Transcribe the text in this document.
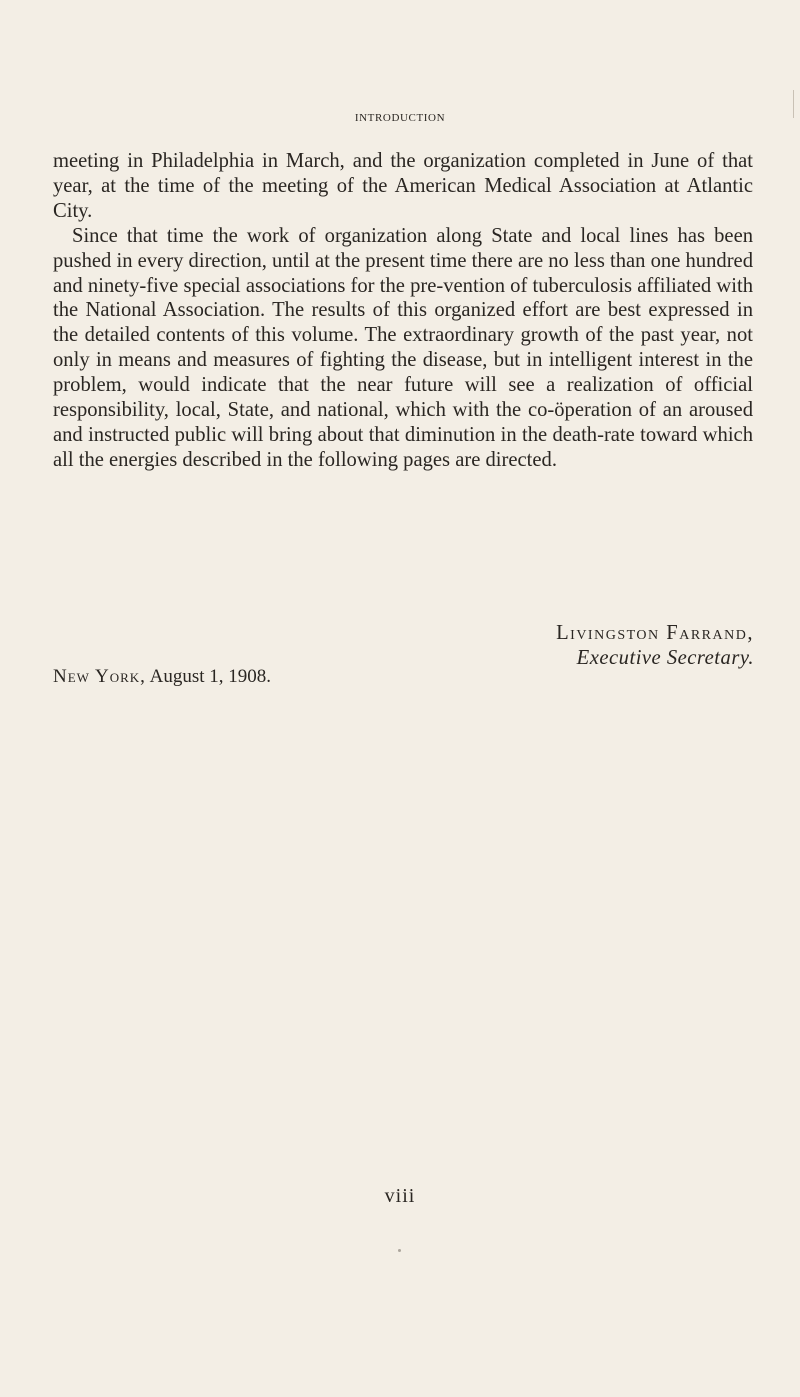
introduction

meeting in Philadelphia in March, and the organization completed in June of that year, at the time of the meeting of the American Medical Association at Atlantic City.

Since that time the work of organization along State and local lines has been pushed in every direction, until at the present time there are no less than one hundred and ninety-five special associations for the pre-vention of tuberculosis affiliated with the National Association. The results of this organized effort are best expressed in the detailed contents of this volume. The extraordinary growth of the past year, not only in means and measures of fighting the disease, but in intelligent interest in the problem, would indicate that the near future will see a realization of official responsibility, local, State, and national, which with the co-öperation of an aroused and instructed public will bring about that diminution in the death-rate toward which all the energies described in the following pages are directed.

Livingston Farrand,
Executive Secretary.
New York, August 1, 1908.
viii
